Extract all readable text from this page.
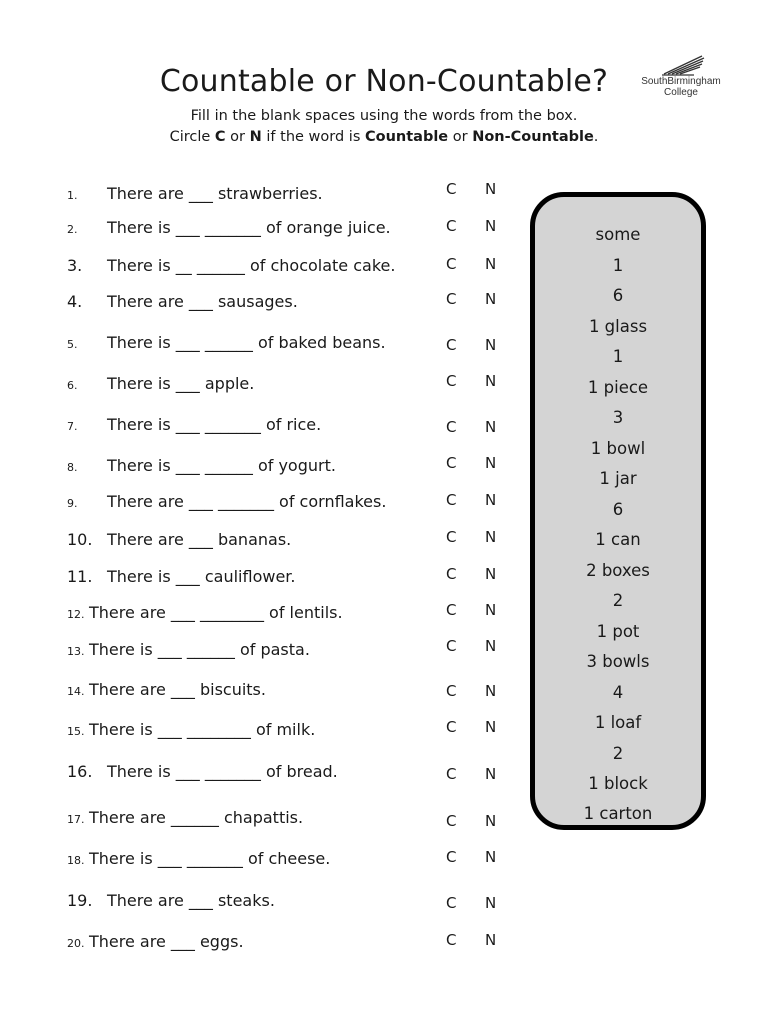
Countable or Non-Countable?	SouthBirmingham
College
Fill in the blank spaces using the words from the box.
Circle C or N if the word is Countable or Non-Countable.
1. There are ___ strawberries.	C N
2. There is ___ _______ of orange juice.	C N
3. There is __ ______ of chocolate cake.	C N
4. There are ___ sausages.	C N
5. There is ___ ______ of baked beans.	C N
6. There is ___ apple.	C N
7. There is ___ _______ of rice.	C N
8. There is ___ ______ of yogurt.	C N
9. There are ___ _______ of cornflakes.	C N
10. There are ___ bananas.	C N
11. There is ___ cauliflower.	C N
12. There are ___ ________ of lentils.	C N
13. There is ___ ______ of pasta.	C N
14. There are ___ biscuits.	C N
15. There is ___ ________ of milk.	C N
16. There is ___ _______ of bread.	C N
17. There are ______ chapattis.	C N
18. There is ___ _______ of cheese.	C N
19. There are ___ steaks.	C N
20. There are ___ eggs.	C N
some
1
6
1 glass
1
1 piece
3
1 bowl
1 jar
6
1 can
2 boxes
2
1 pot
3 bowls
4
1 loaf
2
1 block
1 carton
